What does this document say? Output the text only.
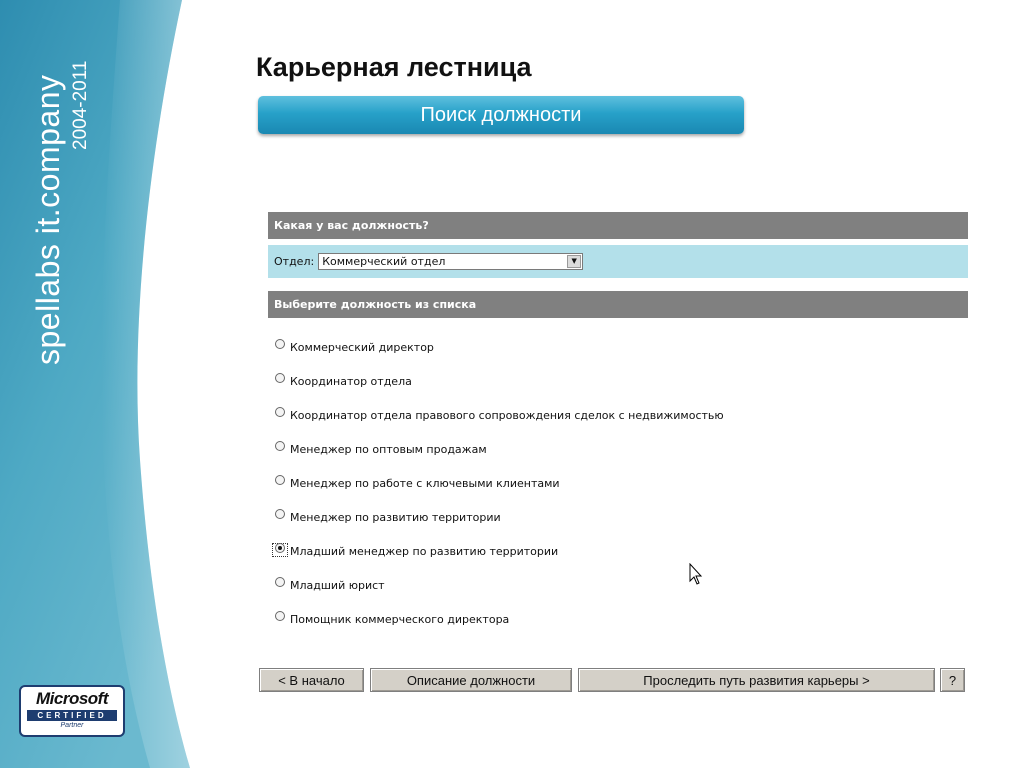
spellabs it.company 2004-2011
Microsoft
CERTIFIED
Partner
Карьерная лестница
Поиск должности
Какая у вас должность?
Отдел: Коммерческий отдел	▼
Выберите должность из списка
Коммерческий директор
Координатор отдела
Координатор отдела правового сопровождения сделок с недвижимостью
Менеджер по оптовым продажам
Менеджер по работе с ключевыми клиентами
Менеджер по развитию территории
Младший менеджер по развитию территории
Младший юрист
Помощник коммерческого директора
< В начало	Описание должности	Проследить путь развития карьеры >	?
